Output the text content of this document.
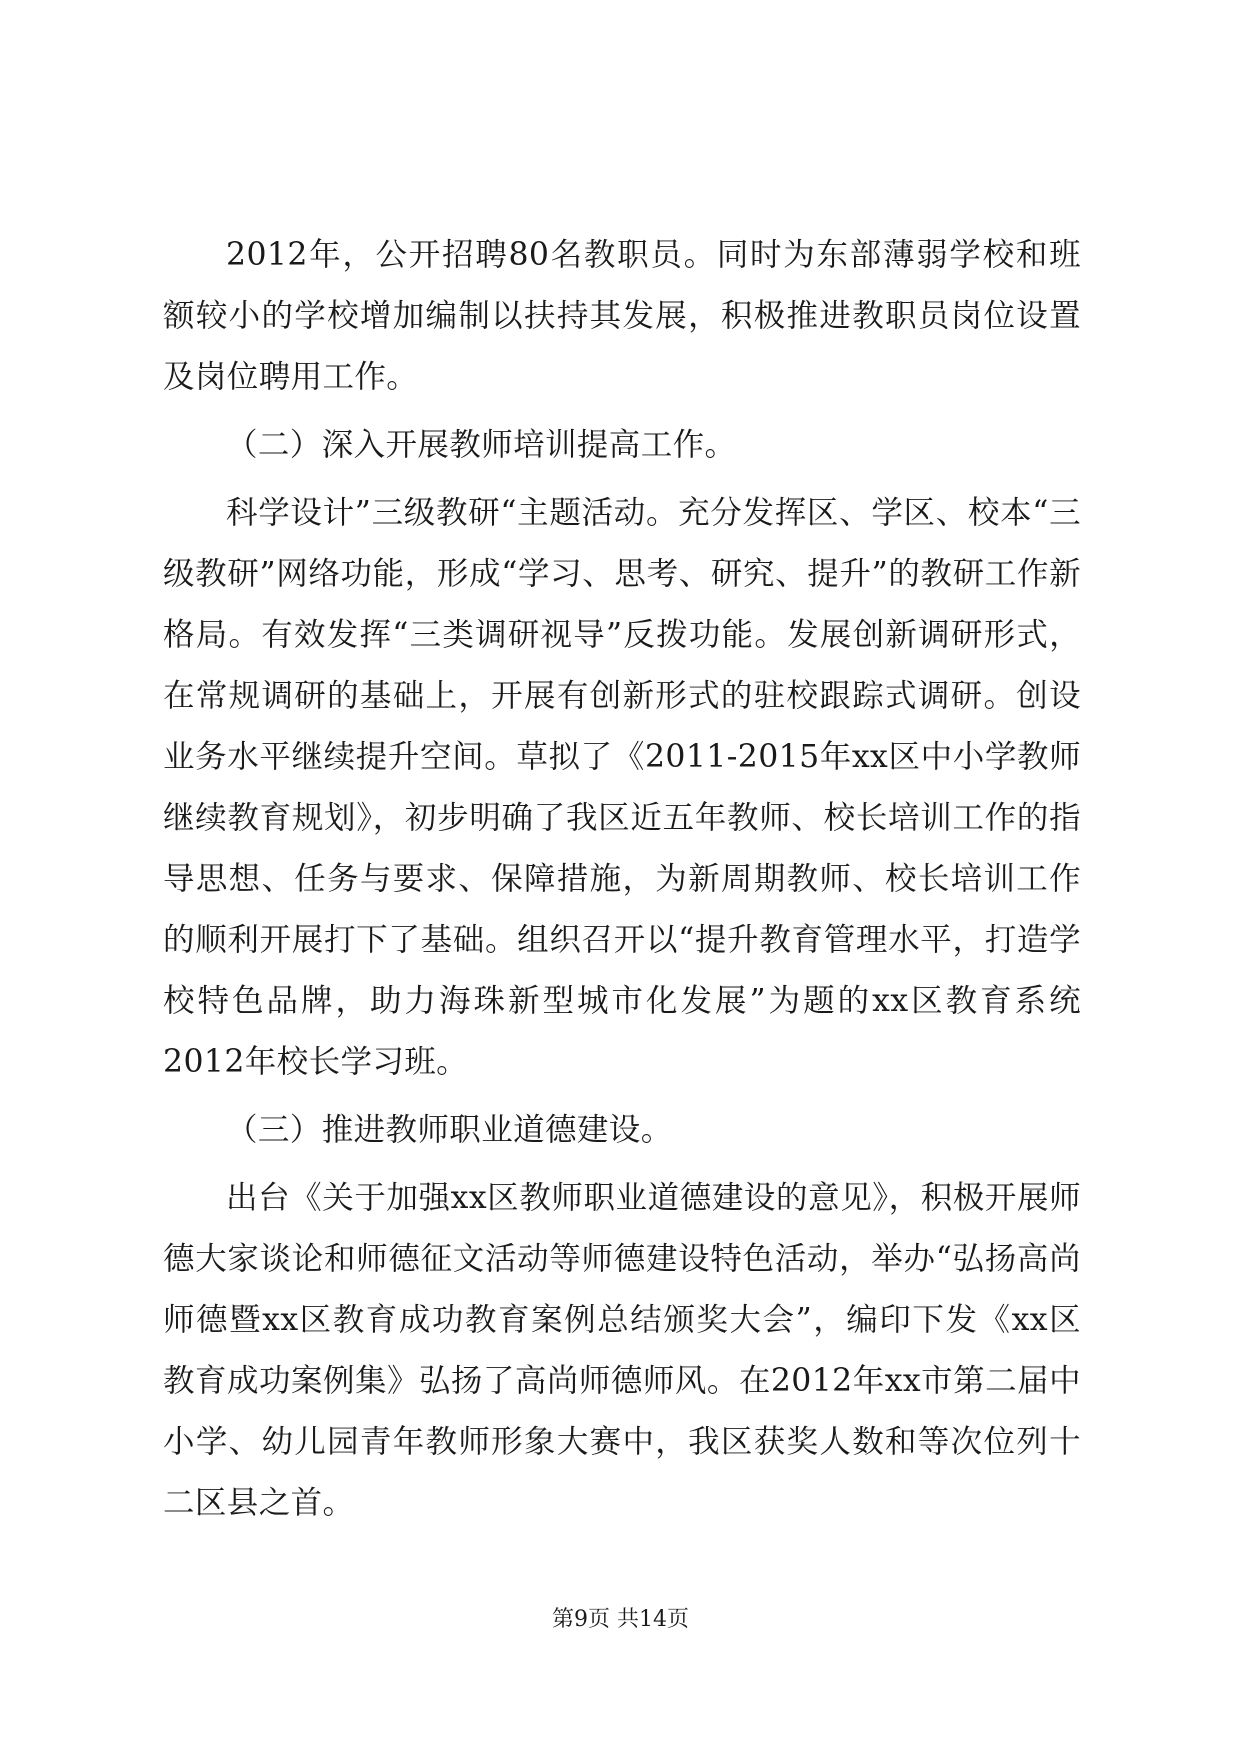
2012年，公开招聘80名教职员。同时为东部薄弱学校和班额较小的学校增加编制以扶持其发展，积极推进教职员岗位设置及岗位聘用工作。

（二）深入开展教师培训提高工作。

科学设计”三级教研“主题活动。充分发挥区、学区、校本“三级教研”网络功能，形成“学习、思考、研究、提升”的教研工作新格局。有效发挥“三类调研视导”反拨功能。发展创新调研形式，在常规调研的基础上，开展有创新形式的驻校跟踪式调研。创设业务水平继续提升空间。草拟了《2011-2015年xx区中小学教师继续教育规划》，初步明确了我区近五年教师、校长培训工作的指导思想、任务与要求、保障措施，为新周期教师、校长培训工作的顺利开展打下了基础。组织召开以“提升教育管理水平，打造学校特色品牌，助力海珠新型城市化发展”为题的xx区教育系统2012年校长学习班。

（三）推进教师职业道德建设。

出台《关于加强xx区教师职业道德建设的意见》，积极开展师德大家谈论和师德征文活动等师德建设特色活动，举办“弘扬高尚师德暨xx区教育成功教育案例总结颁奖大会”，编印下发《xx区教育成功案例集》弘扬了高尚师德师风。在2012年xx市第二届中小学、幼儿园青年教师形象大赛中，我区获奖人数和等次位列十二区县之首。

第9页 共14页
